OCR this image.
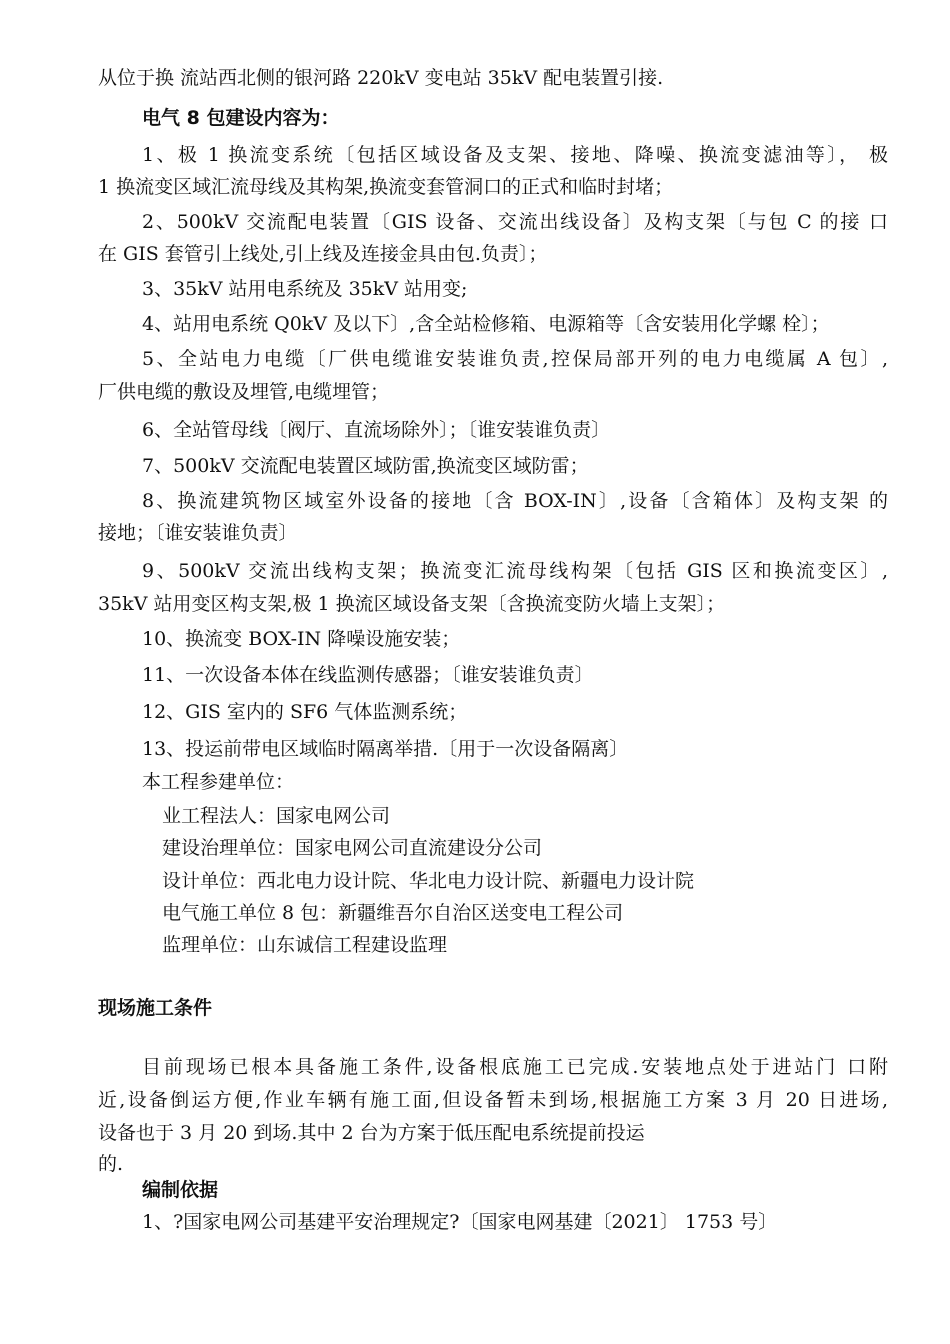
从位于换 流站西北侧的银河路 220kV 变电站 35kV 配电装置引接.
电气 8 包建设内容为：
1、极 1 换流变系统〔包括区域设备及支架、接地、降噪、换流变滤油等〕， 极
1 换流变区域汇流母线及其构架,换流变套管洞口的正式和临时封堵；
2、500kV 交流配电装置〔GIS 设备、交流出线设备〕及构支架〔与包 C 的接 口
在 GIS 套管引上线处,引上线及连接金具由包.负责〕；
3、35kV 站用电系统及 35kV 站用变;
4、站用电系统 Q0kV 及以下〕,含全站检修箱、电源箱等〔含安装用化学螺 栓〕；
5、全站电力电缆〔厂供电缆谁安装谁负责,控保局部开列的电力电缆属 A 包〕,
厂供电缆的敷设及埋管,电缆埋管；
6、全站管母线〔阀厅、直流场除外〕；〔谁安装谁负责〕
7、500kV 交流配电装置区域防雷,换流变区域防雷；
8、换流建筑物区域室外设备的接地〔含 BOX-IN〕,设备〔含箱体〕及构支架 的
接地；〔谁安装谁负责〕
9、500kV 交流出线构支架；换流变汇流母线构架〔包括 GIS 区和换流变区〕,
35kV 站用变区构支架,极 1 换流区域设备支架〔含换流变防火墙上支架〕；
10、换流变 BOX-IN 降噪设施安装；
11、一次设备本体在线监测传感器；〔谁安装谁负责〕
12、GIS 室内的 SF6 气体监测系统；
13、投运前带电区域临时隔离举措.〔用于一次设备隔离〕
本工程参建单位：
业工程法人：国家电网公司
建设治理单位：国家电网公司直流建设分公司
设计单位：西北电力设计院、华北电力设计院、新疆电力设计院
电气施工单位 8 包：新疆维吾尔自治区送变电工程公司
监理单位：山东诚信工程建设监理
现场施工条件
目前现场已根本具备施工条件,设备根底施工已完成.安装地点处于进站门 口附
近,设备倒运方便,作业车辆有施工面,但设备暂未到场,根据施工方案 3 月 20 日进场,
设备也于 3 月 20 到场.其中 2 台为方案于低压配电系统提前投运
的.
编制依据
1、?国家电网公司基建平安治理规定?〔国家电网基建〔2021〕 1753 号〕
